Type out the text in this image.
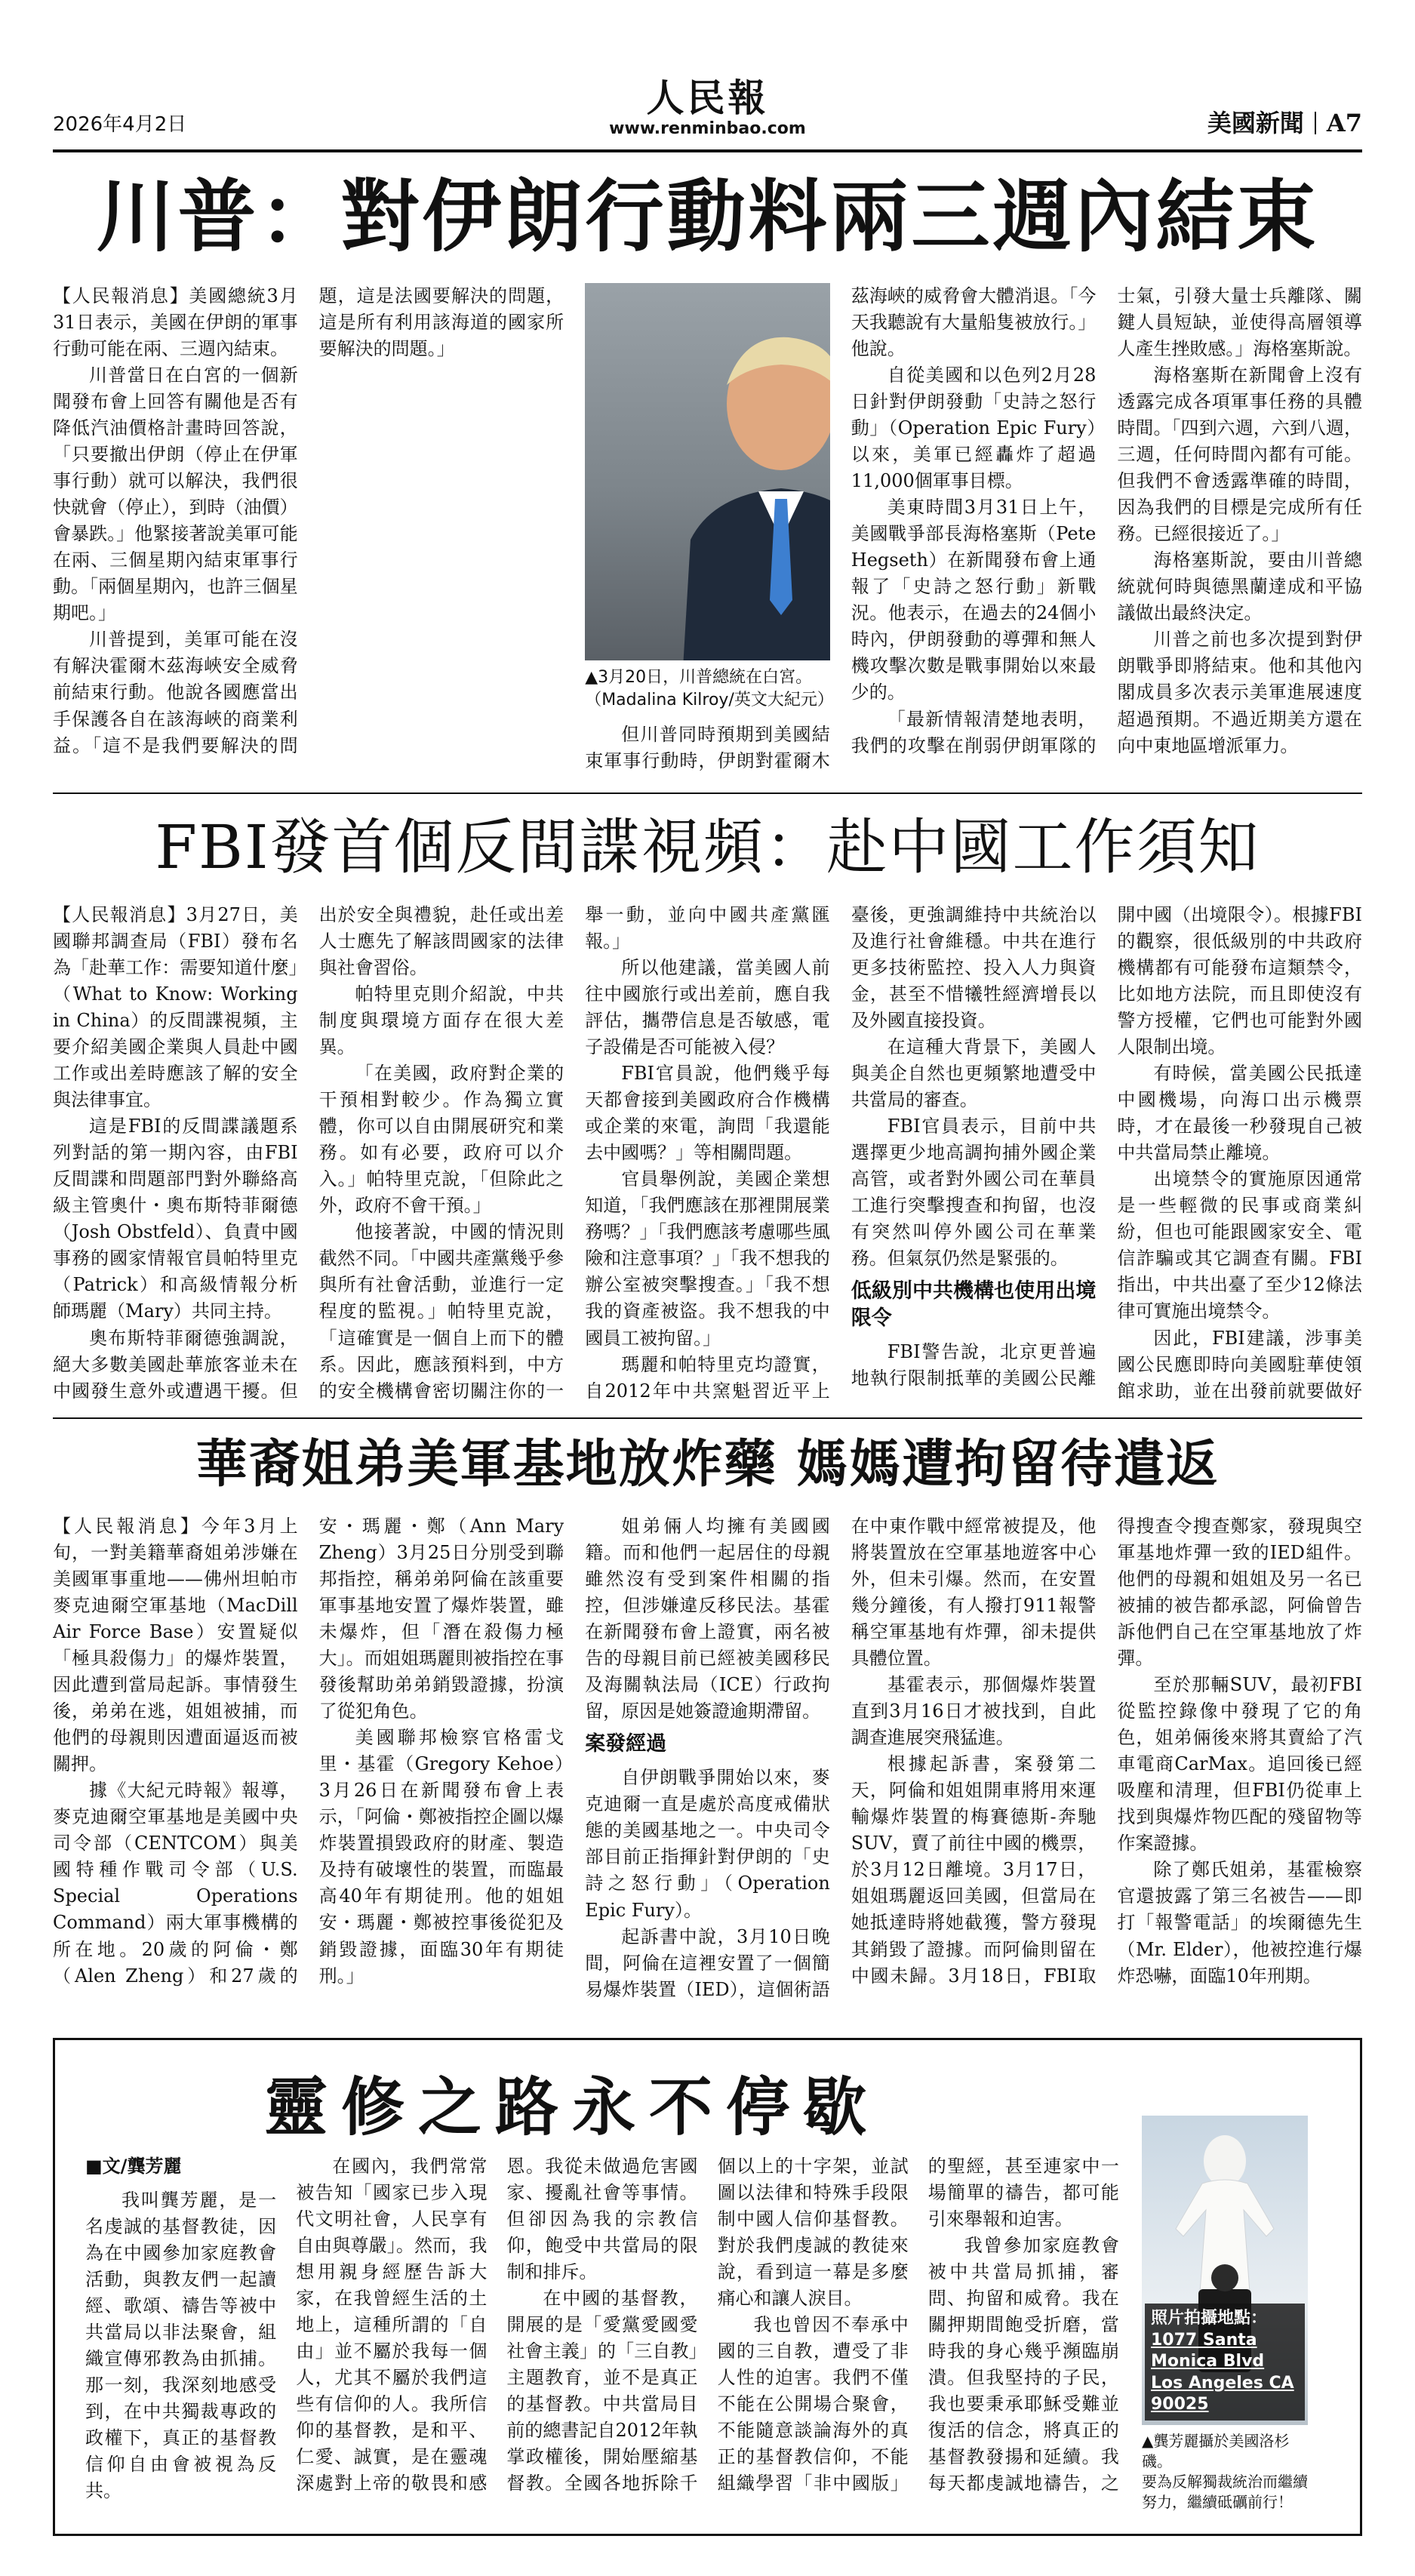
2026年4月2日
人民報
www.renminbao.com	美國新聞 A7
川普：對伊朗行動料兩三週內結束

【人民報消息】美國總統3月31日表示，美國在伊朗的軍事行動可能在兩、三週內結束。

川普當日在白宮的一個新聞發布會上回答有關他是否有降低汽油價格計畫時回答說，「只要撤出伊朗（停止在伊軍事行動）就可以解決，我們很快就會（停止），到時（油價）會暴跌。」他緊接著說美軍可能在兩、三個星期內結束軍事行動。「兩個星期內，也許三個星期吧。」

川普提到，美軍可能在沒有解決霍爾木茲海峽安全威脅前結束行動。他說各國應當出手保護各自在該海峽的商業利益。「這不是我們要解決的問題，這是法國要解決的問題，這是所有利用該海道的國家所要解決的問題。」

▲3月20日，川普總統在白宮。（Madalina Kilroy/英文大紀元）

但川普同時預期到美國結束軍事行動時，伊朗對霍爾木茲海峽的威脅會大體消退。「今天我聽說有大量船隻被放行。」他說。

自從美國和以色列2月28日針對伊朗發動「史詩之怒行動」（Operation Epic Fury）以來，美軍已經轟炸了超過11,000個軍事目標。

美東時間3月31日上午，美國戰爭部長海格塞斯（Pete Hegseth）在新聞發布會上通報了「史詩之怒行動」新戰況。他表示，在過去的24個小時內，伊朗發動的導彈和無人機攻擊次數是戰事開始以來最少的。

「最新情報清楚地表明，我們的攻擊在削弱伊朗軍隊的士氣，引發大量士兵離隊、關鍵人員短缺，並使得高層領導人產生挫敗感。」海格塞斯說。

海格塞斯在新聞會上沒有透露完成各項軍事任務的具體時間。「四到六週，六到八週，三週，任何時間內都有可能。但我們不會透露準確的時間，因為我們的目標是完成所有任務。已經很接近了。」

海格塞斯說，要由川普總統就何時與德黑蘭達成和平協議做出最終決定。

川普之前也多次提到對伊朗戰爭即將結束。他和其他內閣成員多次表示美軍進展速度超過預期。不過近期美方還在向中東地區增派軍力。

FBI發首個反間諜視頻：赴中國工作須知

【人民報消息】3月27日，美國聯邦調查局（FBI）發布名為「赴華工作：需要知道什麼」（What to Know: Working in China）的反間諜視頻，主要介紹美國企業與人員赴中國工作或出差時應該了解的安全與法律事宜。

這是FBI的反間諜議題系列對話的第一期內容，由FBI反間諜和問題部門對外聯絡高級主管奧什・奧布斯特菲爾德（Josh Obstfeld）、負責中國事務的國家情報官員帕特里克（Patrick）和高級情報分析師瑪麗（Mary）共同主持。

奧布斯特菲爾德強調說，絕大多數美國赴華旅客並未在中國發生意外或遭遇干擾。但出於安全與禮貌，赴任或出差人士應先了解該問國家的法律與社會習俗。

帕特里克則介紹說，中共制度與環境方面存在很大差異。

「在美國，政府對企業的干預相對較少。作為獨立實體，你可以自由開展研究和業務。如有必要，政府可以介入。」帕特里克說，「但除此之外，政府不會干預。」

他接著說，中國的情況則截然不同。「中國共產黨幾乎參與所有社會活動，並進行一定程度的監視。」帕特里克說，「這確實是一個自上而下的體系。因此，應該預料到，中方的安全機構會密切關注你的一舉一動，並向中國共產黨匯報。」

所以他建議，當美國人前往中國旅行或出差前，應自我評估，攜帶信息是否敏感，電子設備是否可能被入侵？

FBI官員說，他們幾乎每天都會接到美國政府合作機構或企業的來電，詢問「我還能去中國嗎？」等相關問題。

官員舉例說，美國企業想知道，「我們應該在那裡開展業務嗎？」「我們應該考慮哪些風險和注意事項？」「我不想我的辦公室被突擊搜查。」「我不想我的資產被盜。我不想我的中國員工被拘留。」

瑪麗和帕特里克均證實，自2012年中共窯魁習近平上臺後，更強調維持中共統治以及進行社會維穩。中共在進行更多技術監控、投入人力與資金，甚至不惜犧牲經濟增長以及外國直接投資。

在這種大背景下，美國人與美企自然也更頻繁地遭受中共當局的審查。

FBI官員表示，目前中共選擇更少地高調拘捕外國企業高管，或者對外國公司在華員工進行突擊搜查和拘留，也沒有突然叫停外國公司在華業務。但氣氛仍然是緊張的。

低級別中共機構也使用出境限令

FBI警告說，北京更普遍地執行限制抵華的美國公民離開中國（出境限令）。根據FBI的觀察，很低級別的中共政府機構都有可能發布這類禁令，比如地方法院，而且即使沒有警方授權，它們也可能對外國人限制出境。

有時候，當美國公民抵達中國機場，向海口出示機票時，才在最後一秒發現自己被中共當局禁止離境。

出境禁令的實施原因通常是一些輕微的民事或商業糾紛，但也可能跟國家安全、電信詐騙或其它調查有關。FBI指出，中共出臺了至少12條法律可實施出境禁令。

因此，FBI建議，涉事美國公民應即時向美國駐華使領館求助，並在出發前就要做好

華裔姐弟美軍基地放炸藥 媽媽遭拘留待遣返

【人民報消息】今年3月上旬，一對美籍華裔姐弟涉嫌在美國軍事重地——佛州坦帕市麥克迪爾空軍基地（MacDill Air Force Base）安置疑似「極具殺傷力」的爆炸裝置，因此遭到當局起訴。事情發生後，弟弟在逃，姐姐被捕，而他們的母親則因遭面逼返而被關押。

據《大紀元時報》報導，麥克迪爾空軍基地是美國中央司令部（CENTCOM）與美國特種作戰司令部（U.S. Special Operations Command）兩大軍事機構的所在地。20歲的阿倫・鄭（Alen Zheng）和27歲的安・瑪麗・鄭（Ann Mary Zheng）3月25日分別受到聯邦指控，稱弟弟阿倫在該重要軍事基地安置了爆炸裝置，雖未爆炸，但「潛在殺傷力極大」。而姐姐瑪麗則被指控在事發後幫助弟弟銷毀證據，扮演了從犯角色。

美國聯邦檢察官格雷戈里・基霍（Gregory Kehoe）3月26日在新聞發布會上表示，「阿倫・鄭被指控企圖以爆炸裝置損毀政府的財產、製造及持有破壞性的裝置，而臨最高40年有期徒刑。他的姐姐安・瑪麗・鄭被控事後從犯及銷毀證據，面臨30年有期徒刑。」

姐弟倆人均擁有美國國籍。而和他們一起居住的母親雖然沒有受到案件相關的指控，但涉嫌違反移民法。基霍在新聞發布會上證實，兩名被告的母親目前已經被美國移民及海關執法局（ICE）行政拘留，原因是她簽證逾期滯留。

案發經過

自伊朗戰爭開始以來，麥克迪爾一直是處於高度戒備狀態的美國基地之一。中央司令部目前正指揮針對伊朗的「史詩之怒行動」（Operation Epic Fury）。

起訴書中說，3月10日晚間，阿倫在這裡安置了一個簡易爆炸裝置（IED），這個術語在中東作戰中經常被提及，他將裝置放在空軍基地遊客中心外，但未引爆。然而，在安置幾分鐘後，有人撥打911報警稱空軍基地有炸彈，卻未提供具體位置。

基霍表示，那個爆炸裝置直到3月16日才被找到，自此調查進展突飛猛進。

根據起訴書，案發第二天，阿倫和姐姐開車將用來運輸爆炸裝置的梅賽德斯-奔馳SUV，賣了前往中國的機票，於3月12日離境。3月17日，姐姐瑪麗返回美國，但當局在她抵達時將她截獲，警方發現其銷毀了證據。而阿倫則留在中國未歸。3月18日，FBI取得搜查令搜查鄭家，發現與空軍基地炸彈一致的IED組件。他們的母親和姐姐及另一名已被捕的被告都承認，阿倫曾告訴他們自己在空軍基地放了炸彈。

至於那輛SUV，最初FBI從監控錄像中發現了它的角色，姐弟倆後來將其賣給了汽車電商CarMax。追回後已經吸塵和清理，但FBI仍從車上找到與爆炸物匹配的殘留物等作案證據。

除了鄭氏姐弟，基霍檢察官還披露了第三名被告——即打「報警電話」的埃爾德先生（Mr. Elder），他被控進行爆炸恐嚇，面臨10年刑期。

靈修之路永不停歇

■文/龔芳麗

我叫龔芳麗，是一名虔誠的基督教徒，因為在中國參加家庭教會活動，與教友們一起讀經、歌頌、禱告等被中共當局以非法聚會，組織宣傳邪教為由抓捕。那一刻，我深刻地感受到，在中共獨裁專政的政權下，真正的基督教信仰自由會被視為反共。

在國內，我們常常被告知「國家已步入現代文明社會，人民享有自由與尊嚴」。然而，我想用親身經歷告訴大家，在我曾經生活的土地上，這種所謂的「自由」並不屬於我每一個人，尤其不屬於我們這些有信仰的人。我所信仰的基督教，是和平、仁愛、誠實，是在靈魂深處對上帝的敬畏和感恩。我從未做過危害國家、擾亂社會等事情。但卻因為我的宗教信仰，飽受中共當局的限制和排斥。

在中國的基督教，開展的是「愛黨愛國愛社會主義」的「三自教」主題教育，並不是真正的基督教。中共當局目前的總書記自2012年執掌政權後，開始壓縮基督教。全國各地拆除千個以上的十字架，並試圖以法律和特殊手段限制中國人信仰基督教。對於我們虔誠的教徒來說，看到這一幕是多麼痛心和讓人淚目。

我也曾因不奉承中國的三自教，遭受了非人性的迫害。我們不僅不能在公開場合聚會，不能隨意談論海外的真正的基督教信仰，不能組織學習「非中國版」的聖經，甚至連家中一場簡單的禱告，都可能引來舉報和迫害。

我曾參加家庭教會被中共當局抓捕，審問、拘留和威脅。我在關押期間飽受折磨，當時我的身心幾乎瀕臨崩潰。但我堅持的子民，我也要秉承耶穌受難並復活的信念，將真正的基督教發揚和延續。我每天都虔誠地禱告，之

照片拍攝地點：1077 Santa Monica Blvd Los Angeles CA 90025
▲龔芳麗攝於美國洛杉磯。
要為反解獨裁統治而繼續努力，繼續砥礪前行！
